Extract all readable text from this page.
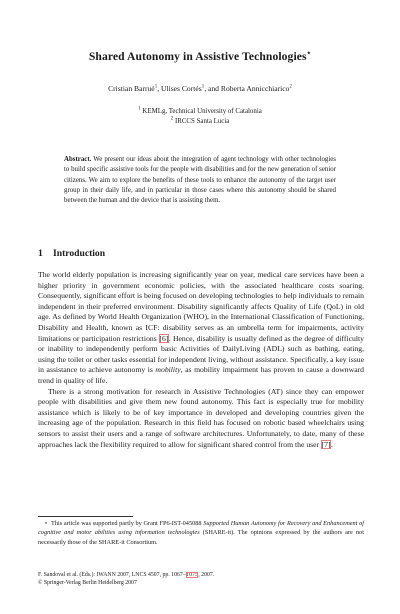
Shared Autonomy in Assistive Technologies⋆
Cristian Barrué$^1$, Ulises Cortés$^1$, and Roberta Annicchiarico$^2$
$^1$ KEMLg, Technical University of Catalonia
$^2$ IRCCS Santa Lucia
Abstract. We present our ideas about the integration of agent technology with other technologies to build specific assistive tools for the people with disabilities and for the new generation of senior citizens. We aim to explore the benefits of these tools to enhance the autonomy of the target user group in their daily life, and in particular in those cases where this autonomy should be shared between the human and the device that is assisting them.
1 Introduction

The world elderly population is increasing significantly year on year, medical care services have been a higher priority in government economic policies, with the associated healthcare costs soaring. Consequently, significant effort is being focused on developing technologies to help individuals to remain independent in their preferred environment. Disability significantly affects Quality of Life (QoL) in old age. As defined by World Health Organization (WHO), in the International Classification of Functioning, Disability and Health, known as ICF: disability serves as an umbrella term for impairments, activity limitations or participation restrictions [6]. Hence, disability is usually defined as the degree of difficulty or inability to independently perform basic Activities of DailyLiving (ADL) such as bathing, eating, using the toilet or other tasks essential for independent living, without assistance. Specifically, a key issue in assistance to achieve autonomy is mobility, as mobility impairment has proven to cause a downward trend in quality of life.

There is a strong motivation for research in Assistive Technologies (AT) since they can empower people with disabilities and give them new found autonomy. This fact is especially true for mobility assistance which is likely to be of key importance in developed and developing countries given the increasing age of the population. Research in this field has focused on robotic based wheelchairs using sensors to assist their users and a range of software architectures. Unfortunately, to date, many of these approaches lack the flexibility required to allow for significant shared control from the user [7].

⋆ This article was supported partly by Grant FP6-IST-045088 Supported Human Autonomy for Recovery and Enhancement of cognitive and motor abilities using information technologies (SHARE-it). The opinions expressed by the authors are not necessarily those of the SHARE-it Consortium.
F. Sandoval et al. (Eds.): IWANN 2007, LNCS 4507, pp. 1067–1075, 2007.
© Springer-Verlag Berlin Heidelberg 2007
